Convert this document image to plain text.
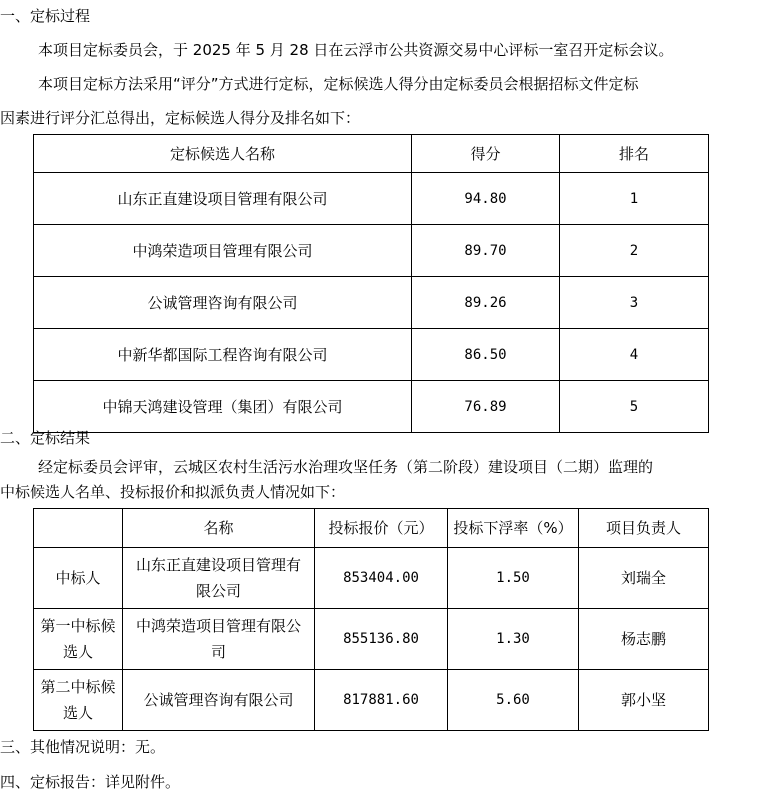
一、定标过程
本项目定标委员会，于 2025 年 5 月 28 日在云浮市公共资源交易中心评标一室召开定标会议。
本项目定标方法采用“评分”方式进行定标，定标候选人得分由定标委员会根据招标文件定标
因素进行评分汇总得出，定标候选人得分及排名如下：
定标候选人名称	得分	排名
山东正直建设项目管理有限公司	94.80	1
中鸿荣造项目管理有限公司	89.70	2
公诚管理咨询有限公司	89.26	3
中新华都国际工程咨询有限公司	86.50	4
中锦天鸿建设管理（集团）有限公司	76.89	5
二、定标结果
经定标委员会评审，云城区农村生活污水治理攻坚任务（第二阶段）建设项目（二期）监理的
中标候选人名单、投标报价和拟派负责人情况如下：
	名称	投标报价（元）	投标下浮率（%）	项目负责人
中标人	山东正直建设项目管理有限公司	853404.00	1.50	刘瑞全
第一中标候选人	中鸿荣造项目管理有限公司	855136.80	1.30	杨志鹏
第二中标候选人	公诚管理咨询有限公司	817881.60	5.60	郭小坚
三、其他情况说明：无。
四、定标报告：详见附件。
